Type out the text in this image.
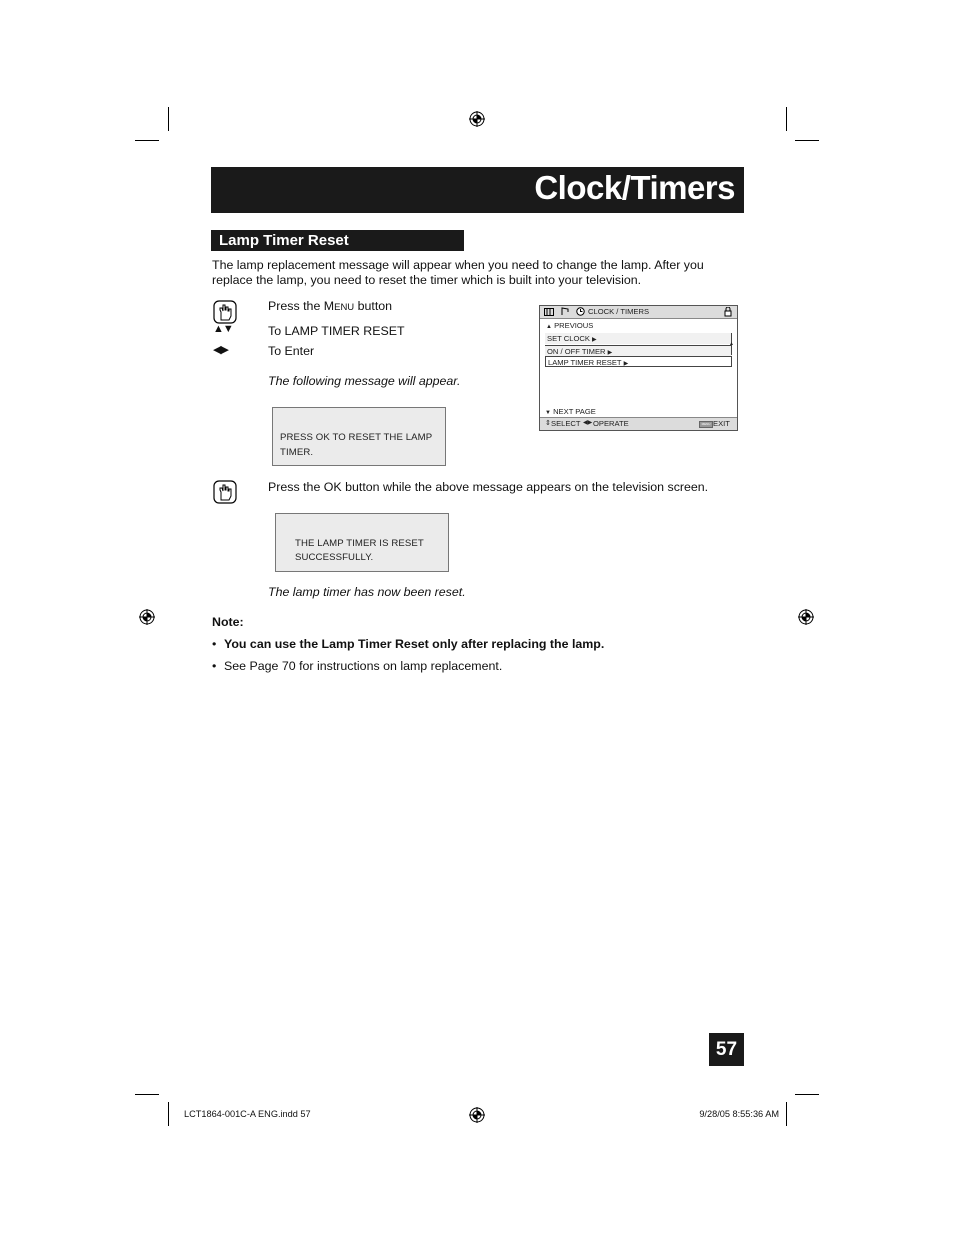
Clock/Timers
Lamp Timer Reset
The lamp replacement message will appear when you need to change the lamp. After you
replace the lamp, you need to reset the timer which is built into your television.
Press the MENU button
▲▼	To LAMP TIMER RESET
◀▶	To Enter
The following message will appear.
PRESS OK TO RESET THE LAMP
TIMER.
CLOCK / TIMERS
▲ PREVIOUS
SET CLOCK ▶
ON / OFF TIMER ▶
LAMP TIMER RESET ▶
▲
▼ NEXT PAGE
⇕ SELECT ◀▶ OPERATE	MENU EXIT
Press the OK button while the above message appears on the television screen.
THE LAMP TIMER IS RESET
SUCCESSFULLY.
The lamp timer has now been reset.
Note:
• You can use the Lamp Timer Reset only after replacing the lamp.
• See Page 70 for instructions on lamp replacement.
57
LCT1864-001C-A ENG.indd 57	9/28/05 8:55:36 AM
